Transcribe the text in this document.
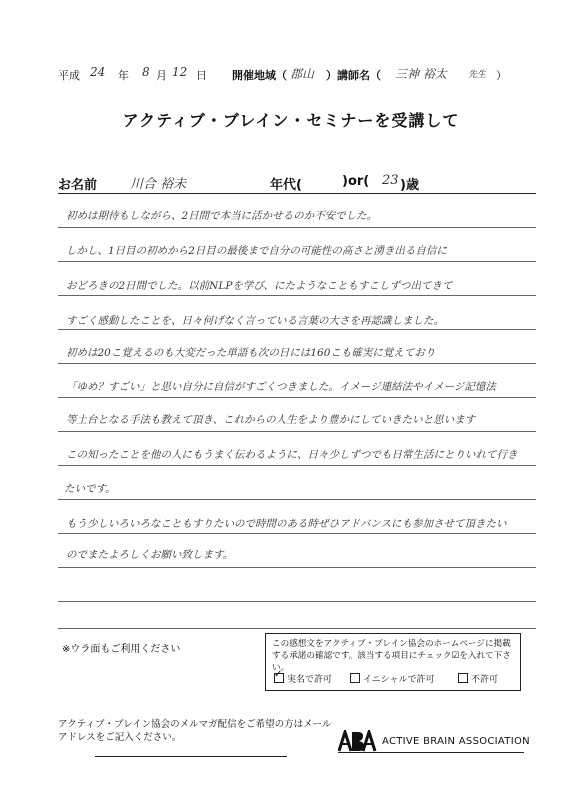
平成 24 年 8 月 12 日 開催地域（ 郡山 ）講師名（ 三神 裕太 先生 ）
アクティブ・ブレイン・セミナーを受講して
お名前	川合 裕未	年代(	)or( 23 )歳
初めは期待もしながら、2日間で本当に活かせるのか不安でした。
しかし、1日目の初めから2日目の最後まで自分の可能性の高さと湧き出る自信に
おどろきの2日間でした。以前NLPを学び、にたようなこともすこしずつ出てきて
すごく感動したことを、日々何げなく言っている言葉の大さを再認識しました。
初めは20こ覚えるのも大変だった単語も次の日には160こも確実に覚えており
「ゆめ？すごい」と思い自分に自信がすごくつきました。イメージ連結法やイメージ記憶法
等土台となる手法も教えて頂き、これからの人生をより豊かにしていきたいと思います
この知ったことを他の人にもうまく伝わるように、日々少しずつでも日常生活にとりいれて行き
たいです。
もう少しいろいろなこともすりたいので時間のある時ぜひアドバンスにも参加させて頂きたい
のでまたよろしくお願い致します。
※ウラ面もご利用ください	この感想文をアクティブ・ブレイン協会のホームページに掲載する承諾の確認です。該当する項目にチェック☑を入れて下さい。
✓実名で許可	イニシャルで許可	不許可
アクティブ・ブレイン協会のメルマガ配信をご希望の方はメール
アドレスをご記入ください。	ACTIVE BRAIN ASSOCIATION
